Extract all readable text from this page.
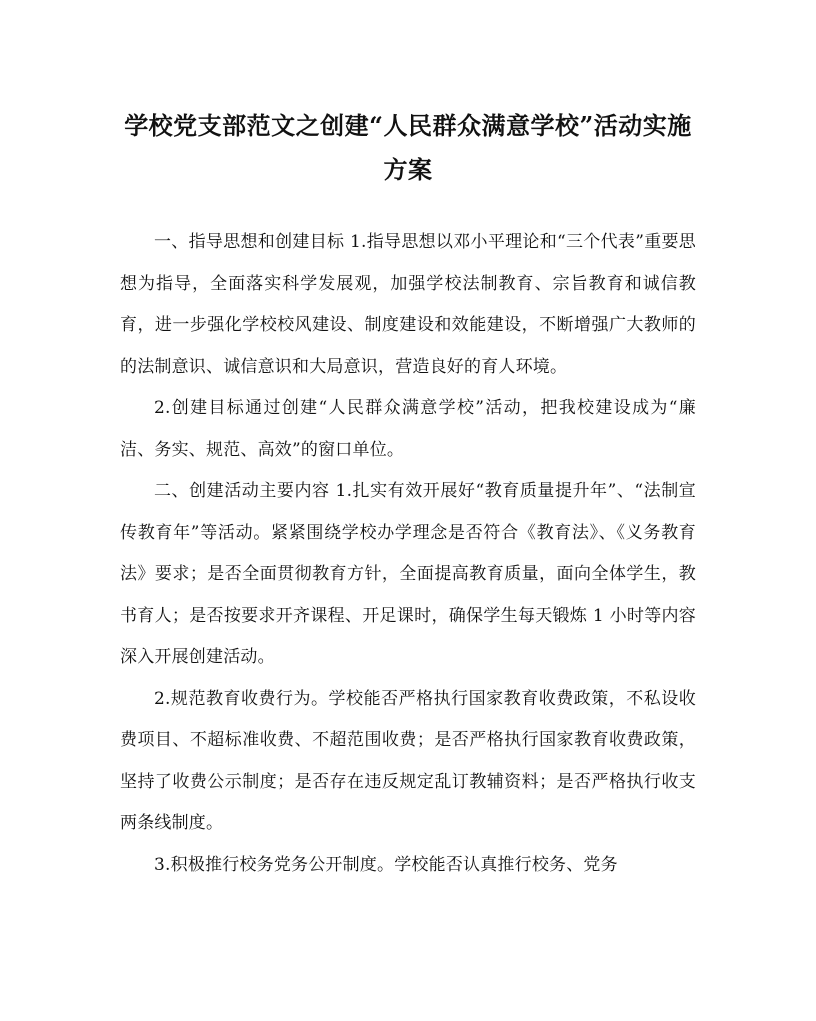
学校党支部范文之创建“人民群众满意学校”活动实施
方案

一、指导思想和创建目标 1.指导思想以邓小平理论和“三个代表”重要思想为指导，全面落实科学发展观，加强学校法制教育、宗旨教育和诚信教育，进一步强化学校校风建设、制度建设和效能建设，不断增强广大教师的的法制意识、诚信意识和大局意识，营造良好的育人环境。

2.创建目标通过创建“人民群众满意学校”活动，把我校建设成为“廉洁、务实、规范、高效”的窗口单位。

二、创建活动主要内容 1.扎实有效开展好“教育质量提升年”、“法制宣传教育年”等活动。紧紧围绕学校办学理念是否符合《教育法》、《义务教育法》要求；是否全面贯彻教育方针，全面提高教育质量，面向全体学生，教书育人；是否按要求开齐课程、开足课时，确保学生每天锻炼 1 小时等内容深入开展创建活动。

2.规范教育收费行为。学校能否严格执行国家教育收费政策，不私设收费项目、不超标准收费、不超范围收费；是否严格执行国家教育收费政策，坚持了收费公示制度；是否存在违反规定乱订教辅资料；是否严格执行收支两条线制度。

3.积极推行校务党务公开制度。学校能否认真推行校务、党务
